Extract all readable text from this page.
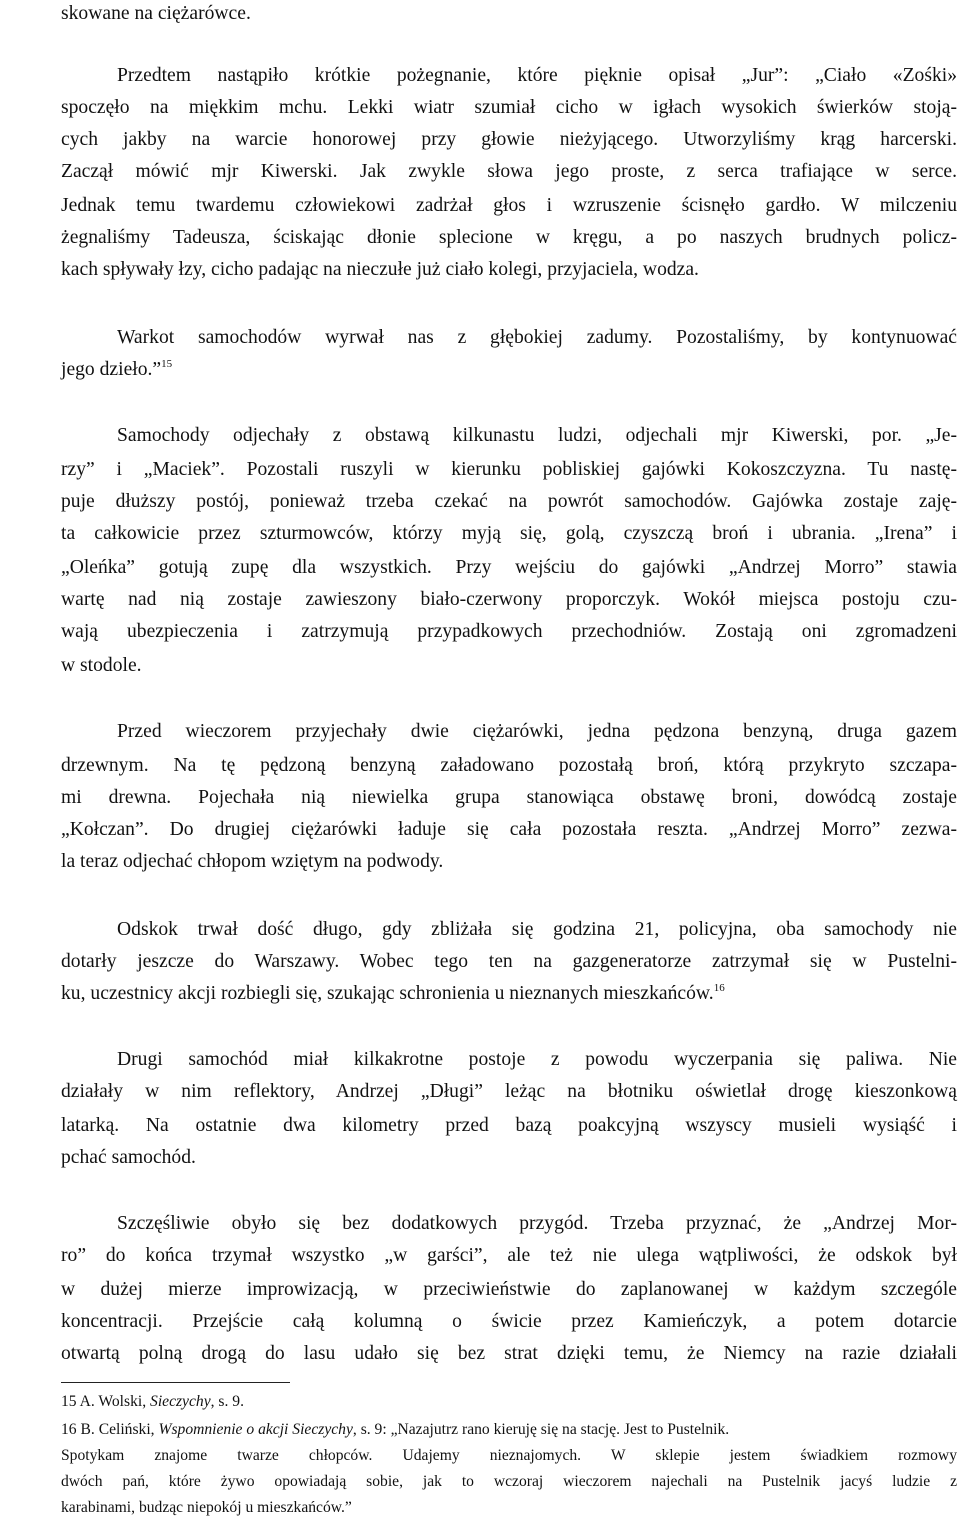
skowane na ciężarówce.
Przedtem nastąpiło krótkie pożegnanie, które pięknie opisał „Jur”: „Ciało «Zośki»
spoczęło na miękkim mchu. Lekki wiatr szumiał cicho w igłach wysokich świerków stoją-
cych jakby na warcie honorowej przy głowie nieżyjącego. Utworzyliśmy krąg harcerski.
Zaczął mówić mjr Kiwerski. Jak zwykle słowa jego proste, z serca trafiające w serce.
Jednak temu twardemu człowiekowi zadrżał głos i wzruszenie ścisnęło gardło. W milczeniu
żegnaliśmy Tadeusza, ściskając dłonie splecione w kręgu, a po naszych brudnych policz-
kach spływały łzy, cicho padając na nieczułe już ciało kolegi, przyjaciela, wodza.
Warkot samochodów wyrwał nas z głębokiej zadumy. Pozostaliśmy, by kontynuować
jego dzieło.”$^{15}$
Samochody odjechały z obstawą kilkunastu ludzi, odjechali mjr Kiwerski, por. „Je-
rzy” i „Maciek”. Pozostali ruszyli w kierunku pobliskiej gajówki Kokoszczyzna. Tu nastę-
puje dłuższy postój, ponieważ trzeba czekać na powrót samochodów. Gajówka zostaje zaję-
ta całkowicie przez szturmowców, którzy myją się, golą, czyszczą broń i ubrania. „Irena” i
„Oleńka” gotują zupę dla wszystkich. Przy wejściu do gajówki „Andrzej Morro” stawia
wartę nad nią zostaje zawieszony biało-czerwony proporczyk. Wokół miejsca postoju czu-
wają ubezpieczenia i zatrzymują przypadkowych przechodniów. Zostają oni zgromadzeni
w stodole.
Przed wieczorem przyjechały dwie ciężarówki, jedna pędzona benzyną, druga gazem
drzewnym. Na tę pędzoną benzyną załadowano pozostałą broń, którą przykryto szczapa-
mi drewna. Pojechała nią niewielka grupa stanowiąca obstawę broni, dowódcą zostaje
„Kołczan”. Do drugiej ciężarówki ładuje się cała pozostała reszta. „Andrzej Morro” zezwa-
la teraz odjechać chłopom wziętym na podwody.
Odskok trwał dość długo, gdy zbliżała się godzina 21, policyjna, oba samochody nie
dotarły jeszcze do Warszawy. Wobec tego ten na gazgeneratorze zatrzymał się w Pustelni-
ku, uczestnicy akcji rozbiegli się, szukając schronienia u nieznanych mieszkańców.$^{16}$
Drugi samochód miał kilkakrotne postoje z powodu wyczerpania się paliwa. Nie
działały w nim reflektory, Andrzej „Długi” leżąc na błotniku oświetlał drogę kieszonkową
latarką. Na ostatnie dwa kilometry przed bazą poakcyjną wszyscy musieli wysiąść i
pchać samochód.
Szczęśliwie obyło się bez dodatkowych przygód. Trzeba przyznać, że „Andrzej Mor-
ro” do końca trzymał wszystko „w garści”, ale też nie ulega wątpliwości, że odskok był
w dużej mierze improwizacją, w przeciwieństwie do zaplanowanej w każdym szczególe
koncentracji. Przejście całą kolumną o świcie przez Kamieńczyk, a potem dotarcie
otwartą polną drogą do lasu udało się bez strat dzięki temu, że Niemcy na razie działali
15 A. Wolski, Sieczychy, s. 9.
16 B. Celiński, Wspomnienie o akcji Sieczychy, s. 9: „Nazajutrz rano kieruję się na stację. Jest to Pustelnik.
Spotykam znajome twarze chłopców. Udajemy nieznajomych. W sklepie jestem świadkiem rozmowy
dwóch pań, które żywo opowiadają sobie, jak to wczoraj wieczorem najechali na Pustelnik jacyś ludzie z
karabinami, budząc niepokój u mieszkańców.”
